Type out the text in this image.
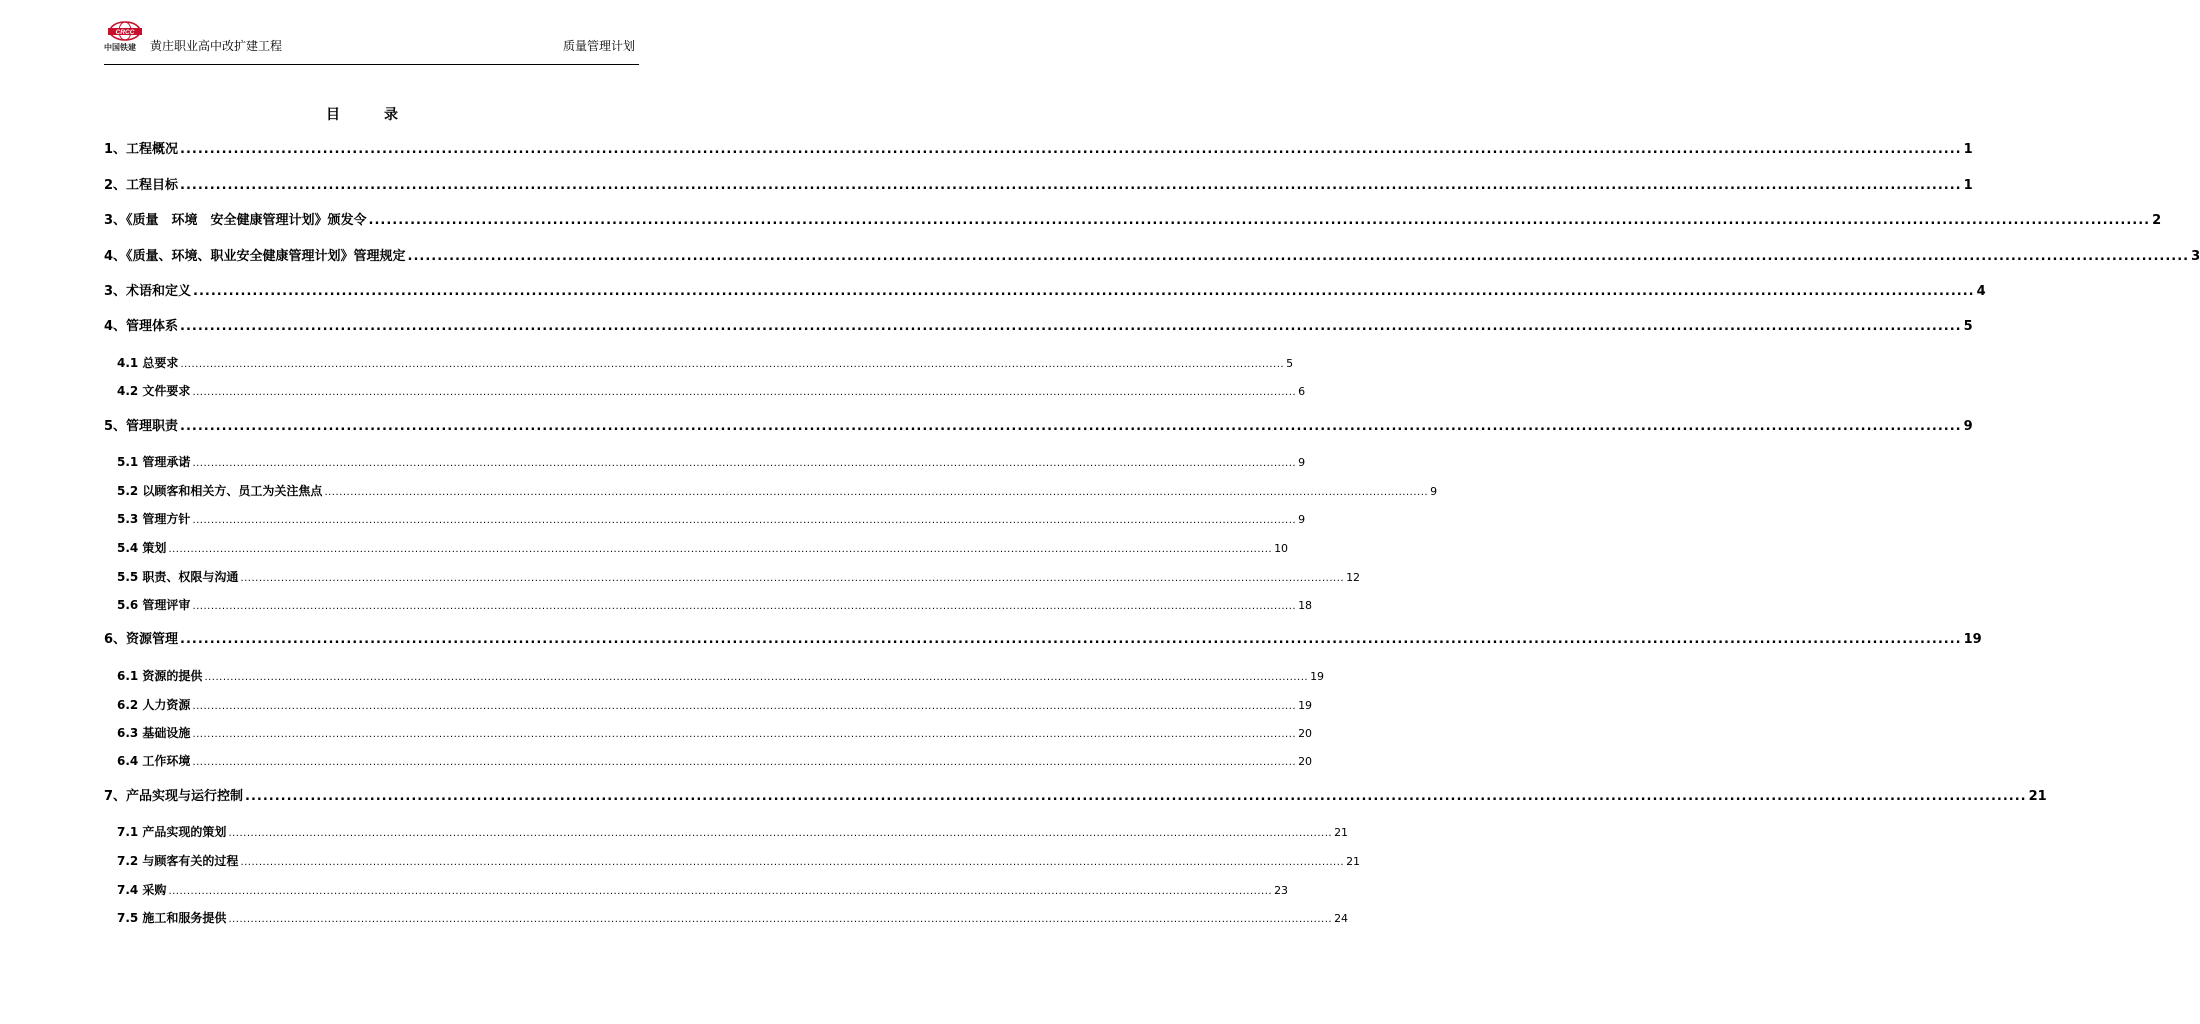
CRCC
中国铁建 黄庄职业高中改扩建工程	质量管理计划
目	录
1、工程概况 ............................................................................................................................................................................................................................................................................................................ 1
2、工程目标 ............................................................................................................................................................................................................................................................................................................ 1
3、《质量　环境　安全健康管理计划》颁发令 ............................................................................................................................................................................................................................................................................................................ 2
4、《质量、环境、职业安全健康管理计划》管理规定 ............................................................................................................................................................................................................................................................................................................ 3
3、术语和定义 ............................................................................................................................................................................................................................................................................................................ 4
4、管理体系 ............................................................................................................................................................................................................................................................................................................ 5
4.1 总要求 ............................................................................................................................................................................................................................................................................................................ 5
4.2 文件要求 ............................................................................................................................................................................................................................................................................................................ 6
5、管理职责 ............................................................................................................................................................................................................................................................................................................ 9
5.1 管理承诺 ............................................................................................................................................................................................................................................................................................................ 9
5.2 以顾客和相关方、员工为关注焦点 ............................................................................................................................................................................................................................................................................................................ 9
5.3 管理方针 ............................................................................................................................................................................................................................................................................................................ 9
5.4 策划 ............................................................................................................................................................................................................................................................................................................ 10
5.5 职责、权限与沟通 ............................................................................................................................................................................................................................................................................................................ 12
5.6 管理评审 ............................................................................................................................................................................................................................................................................................................ 18
6、资源管理 ............................................................................................................................................................................................................................................................................................................ 19
6.1 资源的提供 ............................................................................................................................................................................................................................................................................................................ 19
6.2 人力资源 ............................................................................................................................................................................................................................................................................................................ 19
6.3 基础设施 ............................................................................................................................................................................................................................................................................................................ 20
6.4 工作环境 ............................................................................................................................................................................................................................................................................................................ 20
7、产品实现与运行控制 ............................................................................................................................................................................................................................................................................................................ 21
7.1 产品实现的策划 ............................................................................................................................................................................................................................................................................................................ 21
7.2 与顾客有关的过程 ............................................................................................................................................................................................................................................................................................................ 21
7.4 采购 ............................................................................................................................................................................................................................................................................................................ 23
7.5 施工和服务提供 ............................................................................................................................................................................................................................................................................................................ 24
